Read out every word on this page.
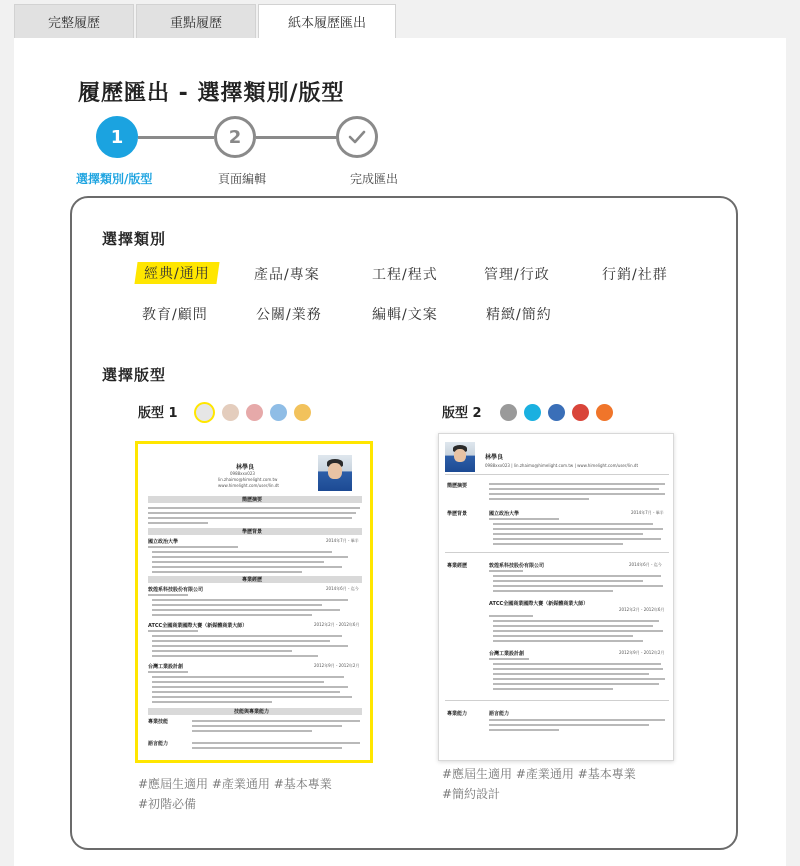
完整履歷	重點履歷	紙本履歷匯出
履歷匯出 - 選擇類別/版型
1	2
選擇類別/版型	頁面編輯	完成匯出
選擇類別
經典/通用	產品/專案	工程/程式	管理/行政	行銷/社群
教育/顧問	公關/業務	編輯/文案	精緻/簡約
選擇版型
版型 1
林學良
0988xxx023
lin.zhaimo@himelight.com.tw
www.himelight.com/user/lin.dt
簡歷摘要
學歷背景
國立政治大學	2014年7月 - 畢半
專業經歷
敦煌系科技股份有限公司	2014年6月 - 迄今
ATCC全國商業國際大賽（新媒體商業大師）	2012年2月 - 2012年6月
台灣工業設計創	2012年9月 - 2012年2月
技能與專業能力
專業技能
語言能力
#應屆生適用 #產業通用 #基本專業
#初階必備
版型 2
林學良
0988xxx023 | lin.zhaimo@himelight.com.tw | www.himelight.com/user/lin.dt
簡歷摘要
學歷背景	國立政治大學	2014年7月 - 畢半
專業經歷	敦煌系科技股份有限公司	2014年6月 - 迄今
ATCC全國商業國際大賽（新媒體商業大師）
2012年2月 - 2012年6月
台灣工業設計創	2012年9月 - 2012年2月
專業能力	語言能力
#應屆生適用 #產業通用 #基本專業
#簡約設計
